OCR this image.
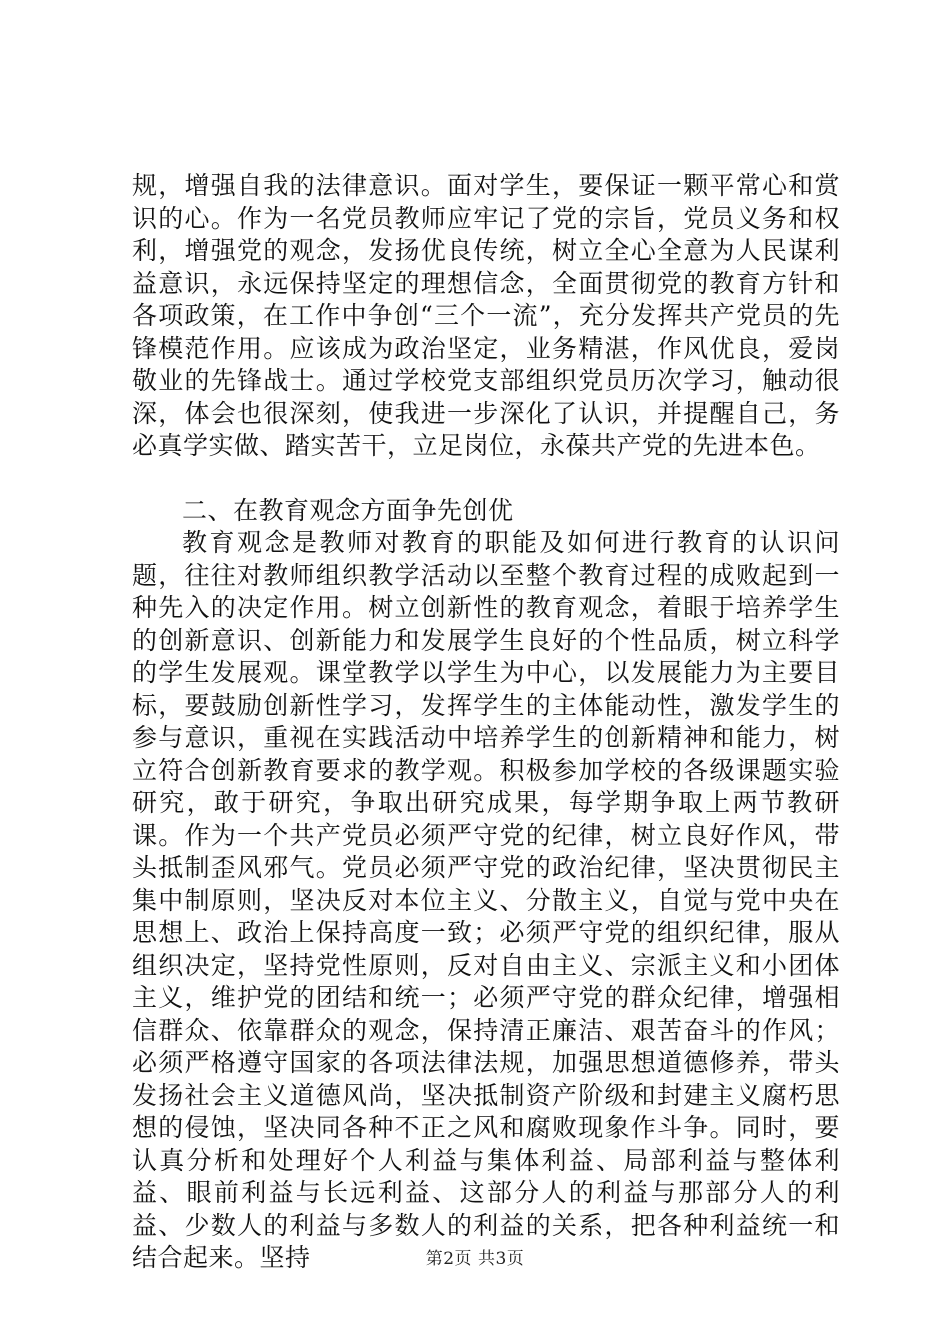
规，增强自我的法律意识。面对学生，要保证一颗平常心和赏识的心。作为一名党员教师应牢记了党的宗旨，党员义务和权利，增强党的观念，发扬优良传统，树立全心全意为人民谋利益意识，永远保持坚定的理想信念，全面贯彻党的教育方针和各项政策，在工作中争创“三个一流”，充分发挥共产党员的先锋模范作用。应该成为政治坚定，业务精湛，作风优良，爱岗敬业的先锋战士。通过学校党支部组织党员历次学习，触动很深，体会也很深刻，使我进一步深化了认识，并提醒自己，务必真学实做、踏实苦干，立足岗位，永葆共产党的先进本色。

二、在教育观念方面争先创优

教育观念是教师对教育的职能及如何进行教育的认识问题，往往对教师组织教学活动以至整个教育过程的成败起到一种先入的决定作用。树立创新性的教育观念，着眼于培养学生的创新意识、创新能力和发展学生良好的个性品质，树立科学的学生发展观。课堂教学以学生为中心，以发展能力为主要目标，要鼓励创新性学习，发挥学生的主体能动性，激发学生的参与意识，重视在实践活动中培养学生的创新精神和能力，树立符合创新教育要求的教学观。积极参加学校的各级课题实验研究，敢于研究，争取出研究成果，每学期争取上两节教研课。作为一个共产党员必须严守党的纪律，树立良好作风，带头抵制歪风邪气。党员必须严守党的政治纪律，坚决贯彻民主集中制原则，坚决反对本位主义、分散主义，自觉与党中央在思想上、政治上保持高度一致；必须严守党的组织纪律，服从组织决定，坚持党性原则，反对自由主义、宗派主义和小团体主义，维护党的团结和统一；必须严守党的群众纪律，增强相信群众、依靠群众的观念，保持清正廉洁、艰苦奋斗的作风；必须严格遵守国家的各项法律法规，加强思想道德修养，带头发扬社会主义道德风尚，坚决抵制资产阶级和封建主义腐朽思想的侵蚀，坚决同各种不正之风和腐败现象作斗争。同时，要认真分析和处理好个人利益与集体利益、局部利益与整体利益、眼前利益与长远利益、这部分人的利益与那部分人的利益、少数人的利益与多数人的利益的关系，把各种利益统一和结合起来。坚持	第2页 共3页
